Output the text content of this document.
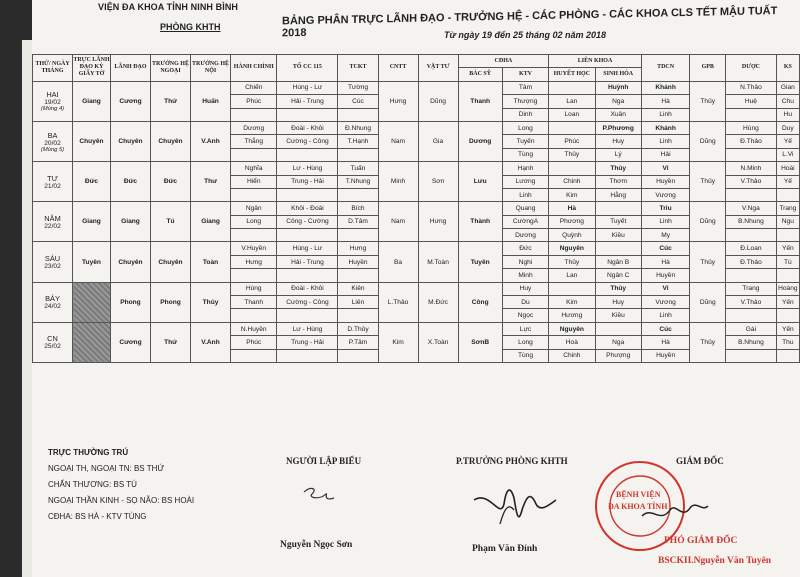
VIỆN ĐA KHOA TỈNH NINH BÌNH
PHÒNG KHTH	BẢNG PHÂN TRỰC LÃNH ĐẠO - TRƯỞNG HỆ - CÁC PHÒNG - CÁC KHOA CLS TẾT MẬU TUẤT 2018	Từ ngày 19 đến 25 tháng 02 năm 2018
THỨ/ NGÀY THÁNG	TRỰC LÃNH ĐẠO KÝ GIẤY TỜ	LÃNH ĐẠO	TRƯỞNG HỆ NGOẠI	TRƯỞNG HỆ NỘI	HÀNH CHÍNH	TỔ CC 115	TCKT	CNTT	VẬT TƯ	CĐHA		LIÊN KHOA		TDCN	GPB	DƯỢC	KS
										BÁC SỸ	KTV	HUYẾT HỌC	SINH HÓA				

HAI
19/02
(Mùng 4)	Giang	Cương	Thứ	Huấn	Chiến	Hùng - Lư	Tường	Hưng	Dũng	Thanh	Tâm		Huỳnh	Khánh	Thủy	N.Thảo	Gian
					Phúc	Hải - Trung	Cúc				Thượng	Lan	Nga	Hà		Huệ	Chu
											Dinh	Loan	Xuân	Linh			Hu

BA
20/02
(Mùng 5)	Chuyên	Chuyên	Chuyên	V.Anh	Dương	Đoài - Khôi	Đ.Nhung	Nam	Gia	Dương	Long		P.Phương	Khánh	Dũng	Hùng	Duy
					Thắng	Cường - Công	T.Hạnh				Tuyến	Phúc	Huy	Linh		Đ.Thảo	Yế
											Tùng	Thủy	Lý	Hải			L.Vi

TƯ
21/02	Đức	Đức	Đức	Thư	Nghĩa	Lư - Hùng	Tuấn	Minh	Sơn	Lưu	Hạnh		Thủy	Vi	Thủy	N.Minh	Hoài
					Hiển	Trung - Hải	T.Nhung				Lương	Chinh	Thơm	Huyền		V.Thảo	Yế
											Linh	Kim	Hằng	Vương			

NĂM
22/02	Giang	Giang	Tú	Giang	Ngân	Khôi - Đoài	Bích	Nam	Hưng	Thành	Quang	Hà		Triu	Dũng	V.Nga	Trang
					Long	Công - Cường	D.Tâm				CườngA	Phương	Tuyết	Linh		B.Nhung	Ngu
											Dương	Quỳnh	Kiều	My			

SÁU
23/02	Tuyên	Chuyên	Chuyên	Toàn	V.Huyền	Hùng - Lư	Hưng	Ba	M.Toàn	Tuyên	Đức	Nguyên		Cúc	Thủy	Đ.Loan	Yến
					Hưng	Hải - Trung	Huyền				Nghi	Thủy	Ngân B	Hà		Đ.Thảo	Tú
											Minh	Lan	Ngân C	Huyền			

BẢY
24/02		Phong	Phong	Thủy	Hùng	Đoài - Khôi	Kiên	L.Thảo	M.Đức	Công	Huy		Thủy	Vi	Dũng	Trang	Hoàng
					Thanh	Cường - Công	Liên				Du	Kim	Huy	Vương		V.Thảo	Yến
											Ngọc	Hương	Kiều	Linh			

CN
25/02		Cương	Thứ	V.Anh	N.Huyền	Lư - Hùng	D.Thủy	Kim	X.Toàn	SơnB	Lực	Nguyên		Cúc	Thủy	Gái	Yến
					Phúc	Trung - Hải	P.Tâm				Long	Hoà	Nga	Hà		B.Nhung	Thu
											Tùng	Chinh	Phượng	Huyền			
TRỰC THƯỜNG TRÚ
NGOẠI TH, NGOẠI TN: BS THỨ
CHẤN THƯƠNG: BS TÚ
NGOẠI THẦN KINH - SỌ NÃO: BS HOÀI
CĐHA: BS HÀ - KTV TÙNG
NGƯỜI LẬP BIỂU
Nguyễn Ngọc Sơn
P.TRƯỞNG PHÒNG KHTH
Phạm Văn Đính
GIÁM ĐỐC
BỆNH VIỆN
ĐA KHOA TỈNH
PHÓ GIÁM ĐỐC
BSCKII.Nguyễn Văn Tuyên
